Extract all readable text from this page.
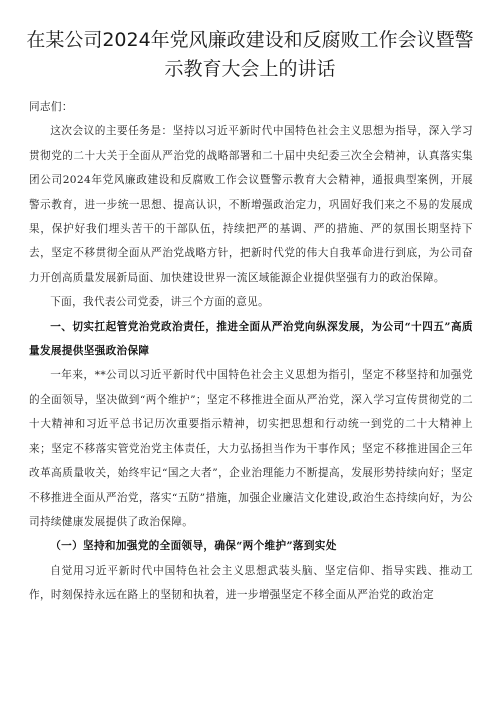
在某公司2024年党风廉政建设和反腐败工作会议暨警示教育大会上的讲话

同志们：

这次会议的主要任务是：坚持以习近平新时代中国特色社会主义思想为指导，深入学习贯彻党的二十大关于全面从严治党的战略部署和二十届中央纪委三次全会精神，认真落实集团公司2024年党风廉政建设和反腐败工作会议暨警示教育大会精神，通报典型案例，开展警示教育，进一步统一思想、提高认识，不断增强政治定力，巩固好我们来之不易的发展成果，保护好我们埋头苦干的干部队伍，持续把严的基调、严的措施、严的氛围长期坚持下去，坚定不移贯彻全面从严治党战略方针，把新时代党的伟大自我革命进行到底，为公司奋力开创高质量发展新局面、加快建设世界一流区域能源企业提供坚强有力的政治保障。

下面，我代表公司党委，讲三个方面的意见。

一、切实扛起管党治党政治责任，推进全面从严治党向纵深发展，为公司“十四五”高质量发展提供坚强政治保障

一年来，**公司以习近平新时代中国特色社会主义思想为指引，坚定不移坚持和加强党的全面领导，坚决做到“两个维护”；坚定不移推进全面从严治党，深入学习宣传贯彻党的二十大精神和习近平总书记历次重要指示精神，切实把思想和行动统一到党的二十大精神上来；坚定不移落实管党治党主体责任，大力弘扬担当作为干事作风；坚定不移推进国企三年改革高质量收关，始终牢记“国之大者”，企业治理能力不断提高，发展形势持续向好；坚定不移推进全面从严治党，落实“五防”措施，加强企业廉洁文化建设,政治生态持续向好，为公司持续健康发展提供了政治保障。

（一）坚持和加强党的全面领导，确保“两个维护”落到实处

自觉用习近平新时代中国特色社会主义思想武装头脑、坚定信仰、指导实践、推动工作，时刻保持永远在路上的坚韧和执着，进一步增强坚定不移全面从严治党的政治定
